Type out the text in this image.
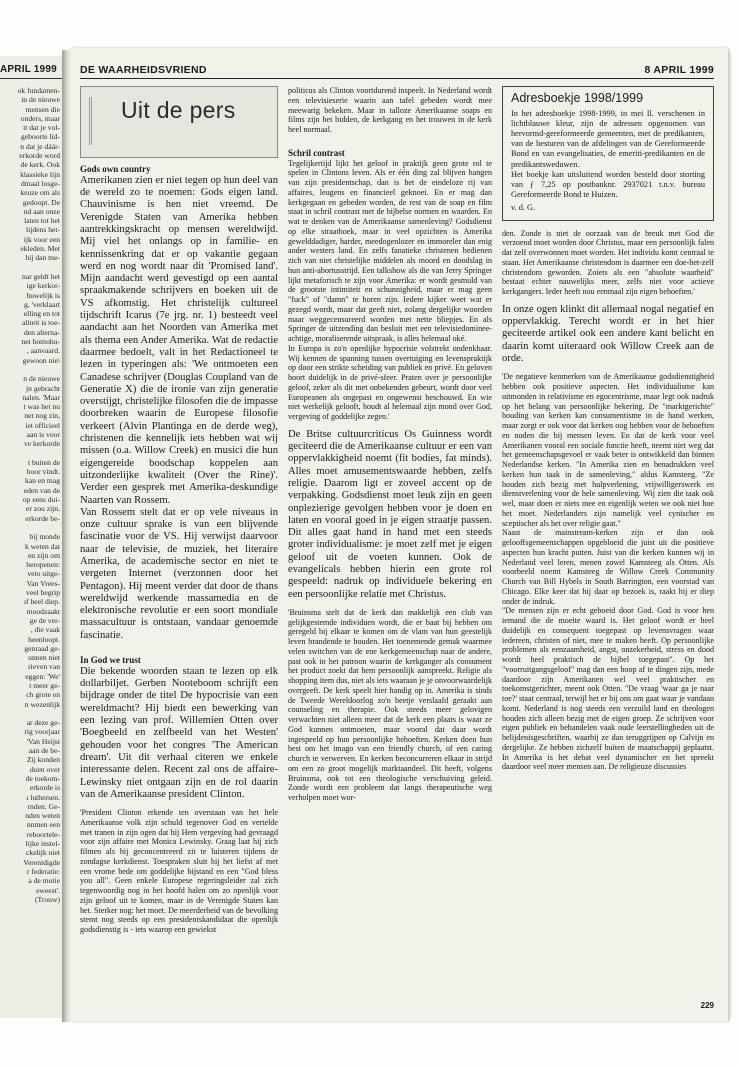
APRIL 1999
ok fundamen-
in de nieuwe
mensen die
onders, maar
it dat je vol-
geboorte lid-
n dat je dáár-
erkorde word
de kerk. Ook
klassieke lijn
dmaal losge-
keuze om als
gedoopt. De
nd aan onze
laten tot het
lijdens het-
ijk voor een
ekleden. Met
hij dan me-

nar geldt het
ige kerkor-
huwelijk is
g, 'verklaart
elling en tot
aliteit is toe-
den alterna-
net homohu-
, aanvaard.
gewoon nie\

n de nieuwe
jn gebracht
nalen. 'Maar
t was het nu
net nog zin,
iet officieel
aan is voor
ve kerkorde

t buiten de
hoor vindt.
kan en mag
eden van de
op eens dui-
er zou zijn.
erkorde be-

bij monde
k weten dat
en zijn om
heropenen:
veto uitge-
Van Vrees-
veel begrip
ıf heel diep.
moodzaakt
ge de ver-
, die vaak
heenloopt.
genraad ge-
unnen niet
rieven van
eggen: 'We'
t meer ge-
ch grote en
n wezenlijk

ar deze ge-
rig voorjaar
'Van Heijst
aan de be-
Zij konden
doen over
de toekom-
erkorde is
ı luthersen.
rnden. Ge-
nden weten
nnmen een
reboortele-
lijke instel-
ckelijk niet
Verenidigde
r federatie:
a de motie
eweest'.
(Trouw)
DE WAARHEIDSVRIEND	8 APRIL 1999
Uit de pers
Gods own country

Amerikanen zien er niet tegen op hun deel van de wereld zo te noemen: Gods eigen land. Chauvinisme is hen niet vreemd. De Verenigde Staten van Amerika hebben aantrekkingskracht op mensen wereldwijd. Mij viel het onlangs op in familie- en kennissenkring dat er op vakantie gegaan werd en nog wordt naar dit 'Promised land'. Mijn aandacht werd gevestigd op een aantal spraakmakende schrijvers en boeken uit de VS afkomstig. Het christelijk cultureel tijdschrift Icarus (7e jrg. nr. 1) besteedt veel aandacht aan het Noorden van Amerika met als thema een Ander Amerika. Wat de redactie daarmee bedoelt, valt in het Redactioneel te lezen in typeringen als: 'We ontmoeten een Canadese schrijver (Douglas Coupland van de Generatie X) die de ironie van zijn generatie overstijgt, christelijke filosofen die de impasse doorbreken waarin de Europese filosofie verkeert (Alvin Plantinga en de derde weg), christenen die kennelijk iets hebben wat wij missen (o.a. Willow Creek) en musici die hun eigengereide boodschap koppelen aan uitzonderlijke kwaliteit (Over the Rine)'. Verder een gesprek met Amerika-deskundige Naarten van Rossem.

Van Rossem stelt dat er op vele niveaus in onze cultuur sprake is van een blijvende fascinatie voor de VS. Hij verwijst daarvoor naar de televisie, de muziek, het literaire Amerika, de academische sector en niet te vergeten Internet (verzonnen door het Pentagon). Hij meent verder dat door de thans wereldwijd werkende massamedia en de elektronische revolutie er een soort mondiale massacultuur is ontstaan, vandaar genoemde fascinatie.

In God we trust

Die bekende woorden staan te lezen op elk dollarbiljet. Gerben Nooteboom schrijft een bijdrage onder de titel De hypocrisie van een wereldmacht? Hij biedt een bewerking van een lezing van prof. Willemien Otten over 'Boegbeeld en zelfbeeld van het Westen' gehouden voor het congres 'The American dream'. Uit dit verhaal citeren we enkele interessante delen. Recent zal ons de affaire-Lewinsky niet ontgaan zijn en de rol daarin van de Amerikaanse president Clinton.

'President Clinton erkende ten overstaan van het hele Amerikaanse volk zijn schuld tegenover God en vertelde met tranen in zijn ogen dat hij Hem vergeving had gevraagd voor zijn affaire met Monica Lewinsky. Graag laat hij zich filmen als hij geconcentreerd zit te luisteren tijdens de zondagse kerkdienst. Toespraken sluit hij het liefst af met een vrome bede om goddelijke bijstand en een "God bless you all". Geen enkele Europese regeringsleider zal zich tegenwoordig nog in het hoofd halen om zo openlijk voor zijn geloof uit te komen, maar in de Verenigde Staten kan het. Sterker nog: het moet. De meerderheid van de bevolking stemt nog steeds op een presidentskandidaat die openlijk godsdienstig is - iets waarop een gewiekst

politicus als Clinton voortdurend inspeelt. In Nederland wordt een televisieserie waarin aan tafel gebeden wordt mee meewarig bekeken. Maar in talloze Amerikaanse soaps en films zijn het bidden, de kerkgang en het trouwen in de kerk heel normaal.

Schril contrast

Tegelijkertijd lijkt het geloof in praktijk geen grote rol te spelen in Clintons leven. Als er één ding zal blijven hangen van zijn presidentschap, dan is het de eindeloze rij van affaires, leugens en financieel geknoei. En er mag dan kerkgegaan en gebeden worden, de rest van de soap en film staat in schril contrast met de bijbelse normen en waarden. En wat te denken van de Amerikaanse samenleving? Godsdienst op elke straathoek, maar in veel opzichten is Amerika gewelddadiger, harder, meedogenlozer en immoreler dan enig ander westers land. En zelfs fanatieke christenen bedienen zich van niet christelijke middelen als moord en doodslag in hun anti-abortusstrijd. Een talkshow als die van Jerry Springer lijkt metaforisch te zijn voor Amerika: er wordt gesmuld van de grootste intimiteit en schunnigheid, maar er mag geen "fuck" of "damn" te horen zijn. Iedere kijker weet wat er gezegd wordt, maar dat geeft niet, zolang dergelijke woorden maar weggecensureerd worden met nette bliepjes. En als Springer de uitzending dan besluit met een televisiedominee-achtige, moraliserende uitspraak, is alles helemaal oké.

In Europa is zo'n openlijke hypocrisie volstrekt ondenkbaar. Wij kennen de spanning tussen overtuiging en levenspraktijk op door een strikte scheiding van publiek en privé. En geloven hoort duidelijk in de privé-sfeer. Praten over je persoonlijke geloof, zeker als dit met onbekenden gebeurt, wordt door veel Europeanen als ongepast en ongewenst beschouwd. En wie niet werkelijk gelooft, houdt al helemaal zijn mond over God, vergeving of goddelijke zegen.'

De Britse cultuurcriticus Os Guinness wordt geciteerd die de Amerikaanse cultuur er een van oppervlakkigheid noemt (fit bodies, fat minds). Alles moet amusementswaarde hebben, zelfs religie. Daarom ligt er zoveel accent op de verpakking. Godsdienst moet leuk zijn en geen onplezierige gevolgen hebben voor je doen en laten en vooral goed in je eigen straatje passen. Dit alles gaat hand in hand met een steeds groter individualisme: je moet zelf met je eigen geloof uit de voeten kunnen. Ook de evangelicals hebben hierin een grote rol gespeeld: nadruk op individuele bekering en een persoonlijke relatie met Christus.

'Bruinsma stelt dat de kerk dan makkelijk een club van gelijkgestemde individuen wordt, die er baat bij hebben om geregeld bij elkaar te komen om de vlam van hun geestelijk leven brandende te houden. Het toenemende gemak waarmee velen switchen van de ene kerkgemeenschap naar de andere, past ook in het patroon waarin de kerkganger als consument het product zoekt dat hem persoonlijk aanspreekt. Religie als shopping item dus, niet als iets waaraan je je onvoorwaardelijk overgeeft. De kerk speelt hier handig op in. Amerika is sinds de Tweede Wereldoorlog zo'n beetje verslaafd geraakt aan counseling en therapie. Ook steeds meer gelovigen verwachten niet alleen meer dat de kerk een plaats is waar ze God kunnen ontmoeten, maar vooral dat daar wordt ingespeeld op hun persoonlijke behoeften. Kerken doen hun best om het imago van een friendly church, of een caring church te verwerven. En kerken beconcurreren elkaar in strijd om een zo groot mogelijk marktaandeel. Dit heeft, volgens Bruinsma, ook tot een theologische verschuiving geleid. Zonde wordt een probleem dat langs therapeutische weg verholpen moet wor-

Adresboekje 1998/1999

In het adresboekje 1998-1999, in mei ll. verschenen in lichtblauwe kleur, zijn de adressen opgenomen van hervormd-gereformeerde gemeenten, met de predikanten, van de besturen van de afdelingen van de Gereformeerde Bond en van evangelisaties, de emeriti-predikanten en de predikantsweduwen.

Het boekje kan uitsluitend worden besteld door storting van ƒ 7,25 op postbanknr. 2937021 t.n.v. bureau Gereformeerde Bond te Huizen.

v. d. G.

den. Zonde is niet de oorzaak van de breuk met God die verzoend moet worden door Christus, maar een persoonlijk falen dat zelf overwonnen moet worden. Het individu komt centraal te staan. Het Amerikaanse christendom is daarmee een doe-het-zelf christendom geworden. Zoiets als een "absolute waarheid" bestaat echter nauwelijks meer, zelfs niet voor actieve kerkgangers. Ieder heeft nou eenmaal zijn eigen behoeften.'

In onze ogen klinkt dit allemaal nogal negatief en oppervlakkig. Terecht wordt er in het hier geciteerde artikel ook een andere kant belicht en daarin komt uiteraard ook Willow Creek aan de orde.

'De negatieve kenmerken van de Amerikaanse godsdienstigheid hebben ook positieve aspecten. Het individualisme kan uitmonden in relativisme en egocentrisme, maar legt ook nadruk op het belang van persoonlijke bekering. De "marktgerichte" houding van kerken kan consumentisme in de hand werken, maar zorgt er ook voor dat kerken oog hebben voor de behoeften en noden die bij mensen leven. En dat de kerk voor veel Amerikanen vooral een sociale functie heeft, neemt niet weg dat het gemeenschapsgevoel er vaak beter is ontwikkeld dan binnen Nederlandse kerken. "In Amerika zien en benadrukken veel kerken hun taak in de samenleving," aldus Kamsteeg. "Ze houden zich bezig met hulpverlening, vrijwilligerswerk en dienstverlening voor de hele samenleving. Wij zien die taak ook wel, maar doen er niets mee en eigenlijk weten we ook niet hoe het moet. Nederlanders zijn namelijk veel cynischer en sceptischer als het over religie gaat."

Naast de mainstream-kerken zijn er dan ook gelooffsgemeenschappen opgebloeid die juist uit die positieve aspecten hun kracht putten. Juist van die kerken kunnen wij in Nederland veel leren, menen zowel Kamsteeg als Otten. Als voorbeeld noemt Kamsteeg de Willow Creek Community Church van Bill Hybels in South Barrington, een voorstad van Chicago. Elke keer dat hij daar op bezoek is, raakt hij er diep onder de indruk.

"De mensen zijn er echt geboeid door God. God is voor hen iemand die de moeite waard is. Het geloof wordt er heel duidelijk en consequent toegepast op levensvragen waar iedereen, christen of niet, mee te maken heeft. Op persoonlijke problemen als eenzaamheid, angst, onzekerheid, stress en dood wordt heel praktisch de bijbel toegepast". Op het "voorruitgangsgeloof" mag dan een hoop af te dingen zijn, mede daardoor zijn Amerikanen wel veel praktischer en toekomstgerichter, meent ook Otten. "De vraag 'waar ga je naar toe?' staat centraal, terwijl het er bij ons om gaat waar je vandaan komt. Nederland is nog steeds een verzuild land en theologen houden zich alleen bezig met de eigen groep. Ze schrijven voor eigen publiek en behandelen vaak oude leerstellingheden uit de belijdenisgeschriften, waarbij ze dan teruggrijpen op Calvijn en dergelijke. Ze hebben zichzelf buiten de maatschappij geplaatst. In Amerika is het debat veel dynamischer en het spreekt daardoor veel meer mensen aan. De religieuze discussies

229
